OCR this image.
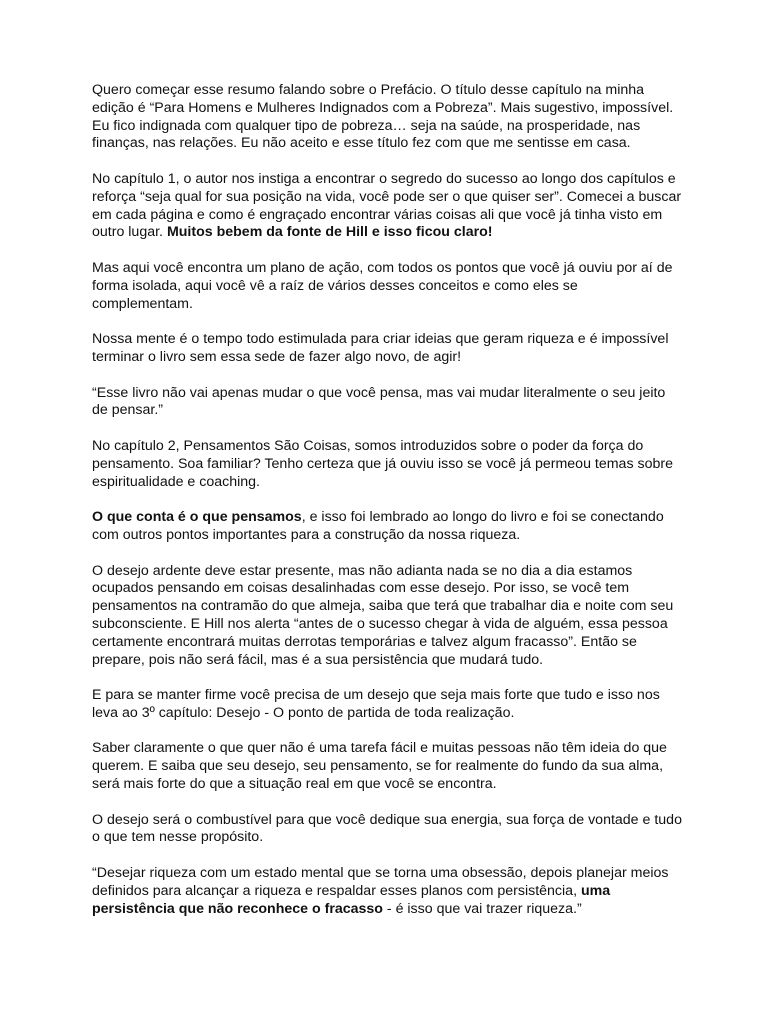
Quero começar esse resumo falando sobre o Prefácio. O título desse capítulo na minha edição é “Para Homens e Mulheres Indignados com a Pobreza”. Mais sugestivo, impossível. Eu fico indignada com qualquer tipo de pobreza… seja na saúde, na prosperidade, nas finanças, nas relações. Eu não aceito e esse título fez com que me sentisse em casa.

No capítulo 1, o autor nos instiga a encontrar o segredo do sucesso ao longo dos capítulos e reforça “seja qual for sua posição na vida, você pode ser o que quiser ser”. Comecei a buscar em cada página e como é engraçado encontrar várias coisas ali que você já tinha visto em outro lugar. Muitos bebem da fonte de Hill e isso ficou claro!

Mas aqui você encontra um plano de ação, com todos os pontos que você já ouviu por aí de forma isolada, aqui você vê a raíz de vários desses conceitos e como eles se complementam.

Nossa mente é o tempo todo estimulada para criar ideias que geram riqueza e é impossível terminar o livro sem essa sede de fazer algo novo, de agir!

“Esse livro não vai apenas mudar o que você pensa, mas vai mudar literalmente o seu jeito de pensar.”

No capítulo 2, Pensamentos São Coisas, somos introduzidos sobre o poder da força do pensamento. Soa familiar? Tenho certeza que já ouviu isso se você já permeou temas sobre espiritualidade e coaching.

O que conta é o que pensamos, e isso foi lembrado ao longo do livro e foi se conectando com outros pontos importantes para a construção da nossa riqueza.

O desejo ardente deve estar presente, mas não adianta nada se no dia a dia estamos ocupados pensando em coisas desalinhadas com esse desejo. Por isso, se você tem pensamentos na contramão do que almeja, saiba que terá que trabalhar dia e noite com seu subconsciente. E Hill nos alerta “antes de o sucesso chegar à vida de alguém, essa pessoa certamente encontrará muitas derrotas temporárias e talvez algum fracasso”. Então se prepare, pois não será fácil, mas é a sua persistência que mudará tudo.

E para se manter firme você precisa de um desejo que seja mais forte que tudo e isso nos leva ao 3º capítulo: Desejo - O ponto de partida de toda realização.

Saber claramente o que quer não é uma tarefa fácil e muitas pessoas não têm ideia do que querem. E saiba que seu desejo, seu pensamento, se for realmente do fundo da sua alma, será mais forte do que a situação real em que você se encontra.

O desejo será o combustível para que você dedique sua energia, sua força de vontade e tudo o que tem nesse propósito.

“Desejar riqueza com um estado mental que se torna uma obsessão, depois planejar meios definidos para alcançar a riqueza e respaldar esses planos com persistência, uma persistência que não reconhece o fracasso - é isso que vai trazer riqueza.”
